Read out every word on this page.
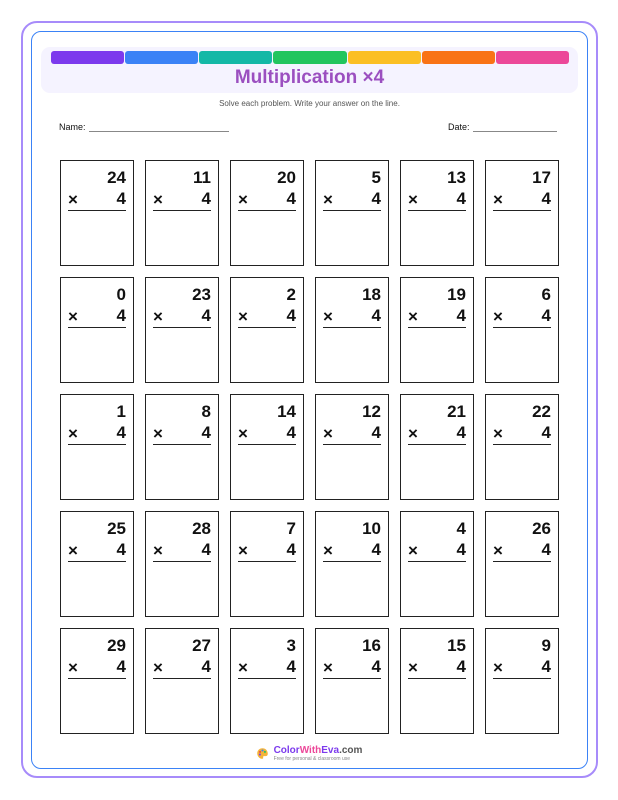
Multiplication ×4
Solve each problem. Write your answer on the line.
Name:	Date:
24
× 4
11
× 4
20
× 4
5
× 4
13
× 4
17
× 4
0
× 4
23
× 4
2
× 4
18
× 4
19
× 4
6
× 4
1
× 4
8
× 4
14
× 4
12
× 4
21
× 4
22
× 4
25
× 4
28
× 4
7
× 4
10
× 4
4
× 4
26
× 4
29
× 4
27
× 4
3
× 4
16
× 4
15
× 4
9
× 4
ColorWithEva.com
Free for personal & classroom use
